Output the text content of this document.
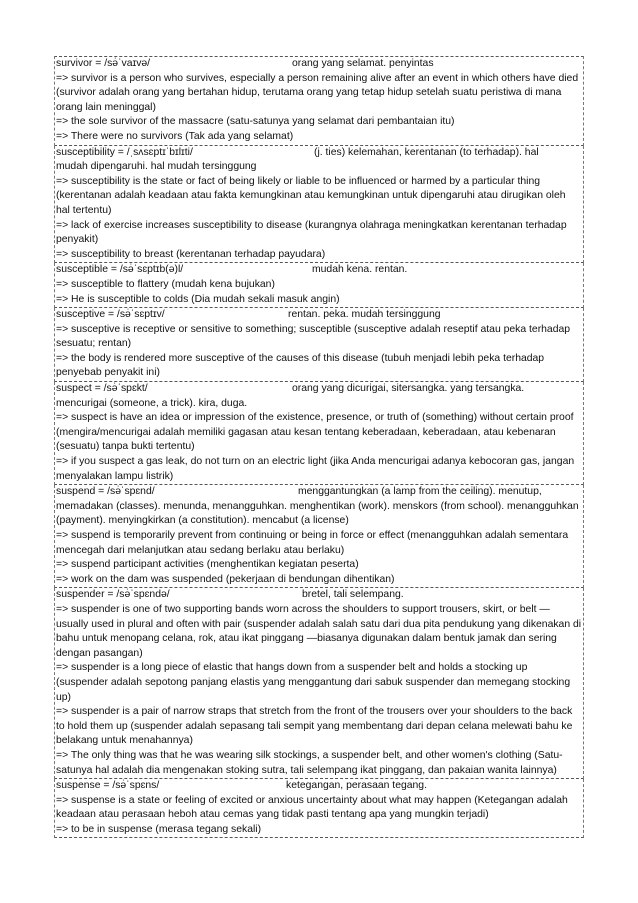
survivor = /sə̇ˈvaɪvə/	orang yang selamat. penyintas

=> survivor is a person who survives, especially a person remaining alive after an event in which others have died (survivor adalah orang yang bertahan hidup, terutama orang yang tetap hidup setelah suatu peristiwa di mana orang lain meninggal)
=> the sole survivor of the massacre (satu-satunya yang selamat dari pembantaian itu)
=> There were no survivors (Tak ada yang selamat)
susceptibility = /ˌsʌsɛptɪˈbɪlɪti/	(j. ties) kelemahan, kerentanan (to terhadap). hal

mudah dipengaruhi. hal mudah tersinggung
=> susceptibility is the state or fact of being likely or liable to be influenced or harmed by a particular thing (kerentanan adalah keadaan atau fakta kemungkinan atau kemungkinan untuk dipengaruhi atau dirugikan oleh hal tertentu)
=> lack of exercise increases susceptibility to disease (kurangnya olahraga meningkatkan kerentanan terhadap penyakit)
=> susceptibility to breast (kerentanan terhadap payudara)
susceptible = /sə̇ˈsɛptɪb(ə)l/	mudah kena. rentan.

=> susceptible to flattery (mudah kena bujukan)
=> He is susceptible to colds (Dia mudah sekali masuk angin)
susceptive = /sə̇ˈsɛptɪv/	rentan. peka. mudah tersinggung

=> susceptive is receptive or sensitive to something; susceptible (susceptive adalah reseptif atau peka terhadap sesuatu; rentan)
=> the body is rendered more susceptive of the causes of this disease (tubuh menjadi lebih peka terhadap penyebab penyakit ini)
suspect = /sə̇ˈspɛkt/	orang yang dicurigai, sitersangka. yang tersangka.

mencurigai (someone, a trick). kira, duga.
=> suspect is have an idea or impression of the existence, presence, or truth of (something) without certain proof (mengira/mencurigai adalah memiliki gagasan atau kesan tentang keberadaan, keberadaan, atau kebenaran (sesuatu) tanpa bukti tertentu)
=> if you suspect a gas leak, do not turn on an electric light (jika Anda mencurigai adanya kebocoran gas, jangan menyalakan lampu listrik)
suspend = /sə̇ˈspɛnd/	menggantungkan (a lamp from the ceiling). menutup,

memadakan (classes). menunda, menangguhkan. menghentikan (work). menskors (from school). menangguhkan (payment). menyingkirkan (a constitution). mencabut (a license)
=> suspend is temporarily prevent from continuing or being in force or effect (menangguhkan adalah sementara mencegah dari melanjutkan atau sedang berlaku atau berlaku)
=> suspend participant activities (menghentikan kegiatan peserta)
=> work on the dam was suspended (pekerjaan di bendungan dihentikan)
suspender = /sə̇ˈspɛndə/	bretel, tali selempang.

=> suspender is one of two supporting bands worn across the shoulders to support trousers, skirt, or belt —usually used in plural and often with pair (suspender adalah salah satu dari dua pita pendukung yang dikenakan di bahu untuk menopang celana, rok, atau ikat pinggang —biasanya digunakan dalam bentuk jamak dan sering dengan pasangan)
=> suspender is a long piece of elastic that hangs down from a suspender belt and holds a stocking up (suspender adalah sepotong panjang elastis yang menggantung dari sabuk suspender dan memegang stocking up)
=> suspender is a pair of narrow straps that stretch from the front of the trousers over your shoulders to the back to hold them up (suspender adalah sepasang tali sempit yang membentang dari depan celana melewati bahu ke belakang untuk menahannya)
=> The only thing was that he was wearing silk stockings, a suspender belt, and other women's clothing (Satu-satunya hal adalah dia mengenakan stoking sutra, tali selempang ikat pinggang, dan pakaian wanita lainnya)
suspense = /sə̇ˈspɛns/	ketegangan, perasaan tegang.

=> suspense is a state or feeling of excited or anxious uncertainty about what may happen (Ketegangan adalah keadaan atau perasaan heboh atau cemas yang tidak pasti tentang apa yang mungkin terjadi)
=> to be in suspense (merasa tegang sekali)
